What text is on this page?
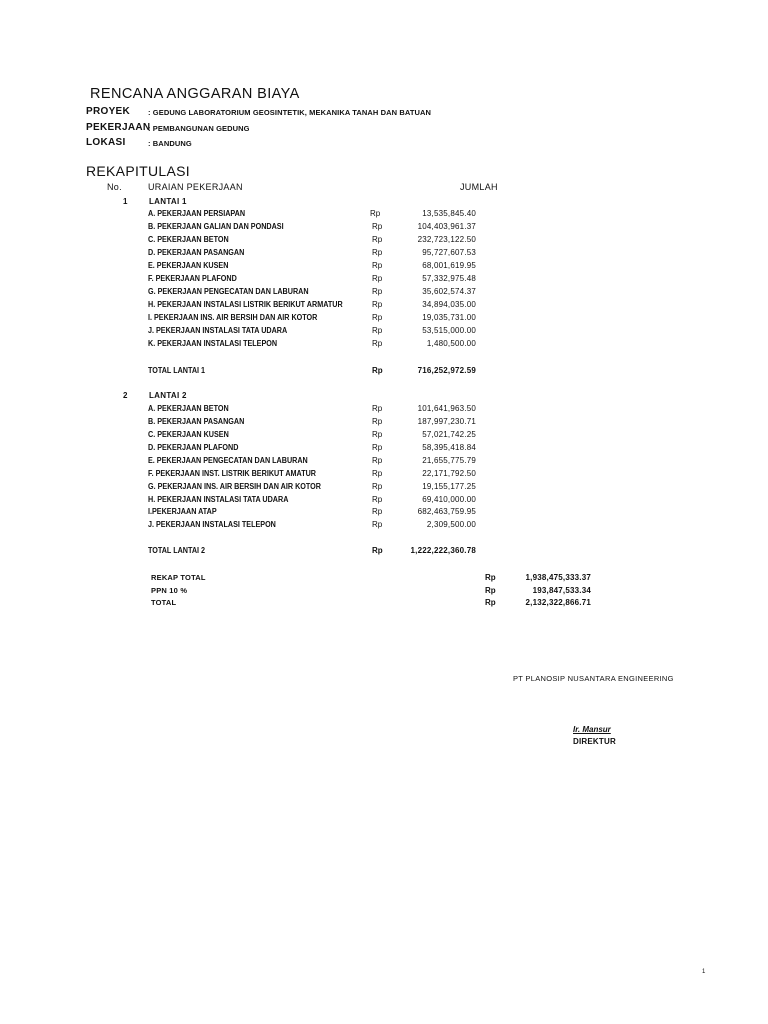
RENCANA ANGGARAN BIAYA
PROYEK : GEDUNG LABORATORIUM GEOSINTETIK, MEKANIKA TANAH DAN BATUAN
PEKERJAAN
: PEMBANGUNAN GEDUNG
LOKASI	: BANDUNG
REKAPITULASI
No.	URAIAN PEKERJAAN	JUMLAH
1	LANTAI 1
A. PEKERJAAN PERSIAPAN	Rp	13,535,845.40
B. PEKERJAAN GALIAN DAN PONDASI	Rp	104,403,961.37
C. PEKERJAAN BETON	Rp	232,723,122.50
D. PEKERJAAN PASANGAN	Rp	95,727,607.53
E. PEKERJAAN KUSEN	Rp	68,001,619.95
F. PEKERJAAN PLAFOND	Rp	57,332,975.48
G. PEKERJAAN PENGECATAN DAN LABURAN	Rp	35,602,574.37
H. PEKERJAAN INSTALASI LISTRIK BERIKUT ARMATUR	Rp	34,894,035.00
I. PEKERJAAN INS. AIR BERSIH DAN AIR KOTOR	Rp	19,035,731.00
J. PEKERJAAN INSTALASI TATA UDARA	Rp	53,515,000.00
K. PEKERJAAN INSTALASI TELEPON	Rp	1,480,500.00
TOTAL LANTAI 1	Rp	716,252,972.59
2	LANTAI 2
A. PEKERJAAN BETON	Rp	101,641,963.50
B. PEKERJAAN PASANGAN	Rp	187,997,230.71
C. PEKERJAAN KUSEN	Rp	57,021,742.25
D. PEKERJAAN PLAFOND	Rp	58,395,418.84
E. PEKERJAAN PENGECATAN DAN LABURAN	Rp	21,655,775.79
F. PEKERJAAN INST. LISTRIK BERIKUT AMATUR	Rp	22,171,792.50
G. PEKERJAAN INS. AIR BERSIH DAN AIR KOTOR	Rp	19,155,177.25
H. PEKERJAAN INSTALASI TATA UDARA	Rp	69,410,000.00
I.PEKERJAAN ATAP	Rp	682,463,759.95
J. PEKERJAAN INSTALASI TELEPON	Rp	2,309,500.00
TOTAL LANTAI 2	Rp	1,222,222,360.78
REKAP TOTAL	Rp	1,938,475,333.37
PPN 10 %	Rp	193,847,533.34
TOTAL	Rp	2,132,322,866.71
PT PLANOSIP NUSANTARA ENGINEERING
Ir. Mansur
DIREKTUR
1
